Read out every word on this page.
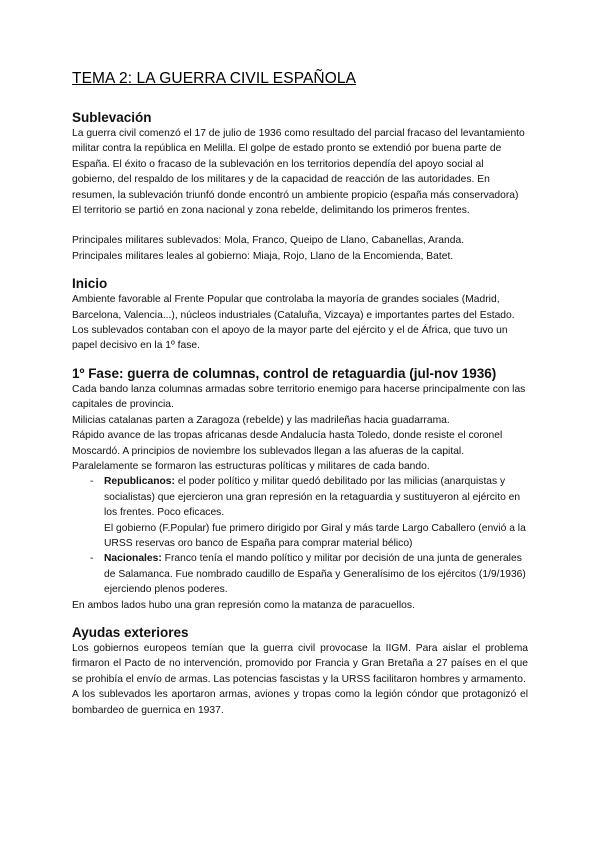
TEMA 2: LA GUERRA CIVIL ESPAÑOLA
Sublevación

La guerra civil comenzó el 17 de julio de 1936 como resultado del parcial fracaso del levantamiento militar contra la república en Melilla. El golpe de estado pronto se extendió por buena parte de España. El éxito o fracaso de la sublevación en los territorios dependía del apoyo social al gobierno, del respaldo de los militares y de la capacidad de reacción de las autoridades. En resumen, la sublevación triunfó donde encontró un ambiente propicio (españa más conservadora)

El territorio se partió en zona nacional y zona rebelde, delimitando los primeros frentes.

Principales militares sublevados: Mola, Franco, Queipo de Llano, Cabanellas, Aranda.

Principales militares leales al gobierno: Miaja, Rojo, Llano de la Encomienda, Batet.

Inicio

Ambiente favorable al Frente Popular que controlaba la mayoría de grandes sociales (Madrid, Barcelona, Valencia...), núcleos industriales (Cataluña, Vizcaya) e importantes partes del Estado.

Los sublevados contaban con el apoyo de la mayor parte del ejército y el de África, que tuvo un papel decisivo en la 1º fase.

1º Fase: guerra de columnas, control de retaguardia (jul-nov 1936)

Cada bando lanza columnas armadas sobre territorio enemigo para hacerse principalmente con las capitales de provincia.

Milicias catalanas parten a Zaragoza (rebelde) y las madrileñas hacia guadarrama.

Rápido avance de las tropas africanas desde Andalucía hasta Toledo, donde resiste el coronel Moscardó. A principios de noviembre los sublevados llegan a las afueras de la capital.

Paralelamente se formaron las estructuras políticas y militares de cada bando.

- Republicanos: el poder político y militar quedó debilitado por las milicias (anarquistas y socialistas) que ejercieron una gran represión en la retaguardia y sustituyeron al ejército en los frentes. Poco eficaces.
El gobierno (F.Popular) fue primero dirigido por Giral y más tarde Largo Caballero (envió a la URSS reservas oro banco de España para comprar material bélico)
- Nacionales: Franco tenía el mando político y militar por decisión de una junta de generales de Salamanca. Fue nombrado caudillo de España y Generalísimo de los ejércitos (1/9/1936) ejerciendo plenos poderes.

En ambos lados hubo una gran represión como la matanza de paracuellos.

Ayudas exteriores

Los gobiernos europeos temían que la guerra civil provocase la IIGM. Para aislar el problema firmaron el Pacto de no intervención, promovido por Francia y Gran Bretaña a 27 países en el que se prohibía el envío de armas. Las potencias fascistas y la URSS facilitaron hombres y armamento.

A los sublevados les aportaron armas, aviones y tropas como la legión cóndor que protagonizó el bombardeo de guernica en 1937.
